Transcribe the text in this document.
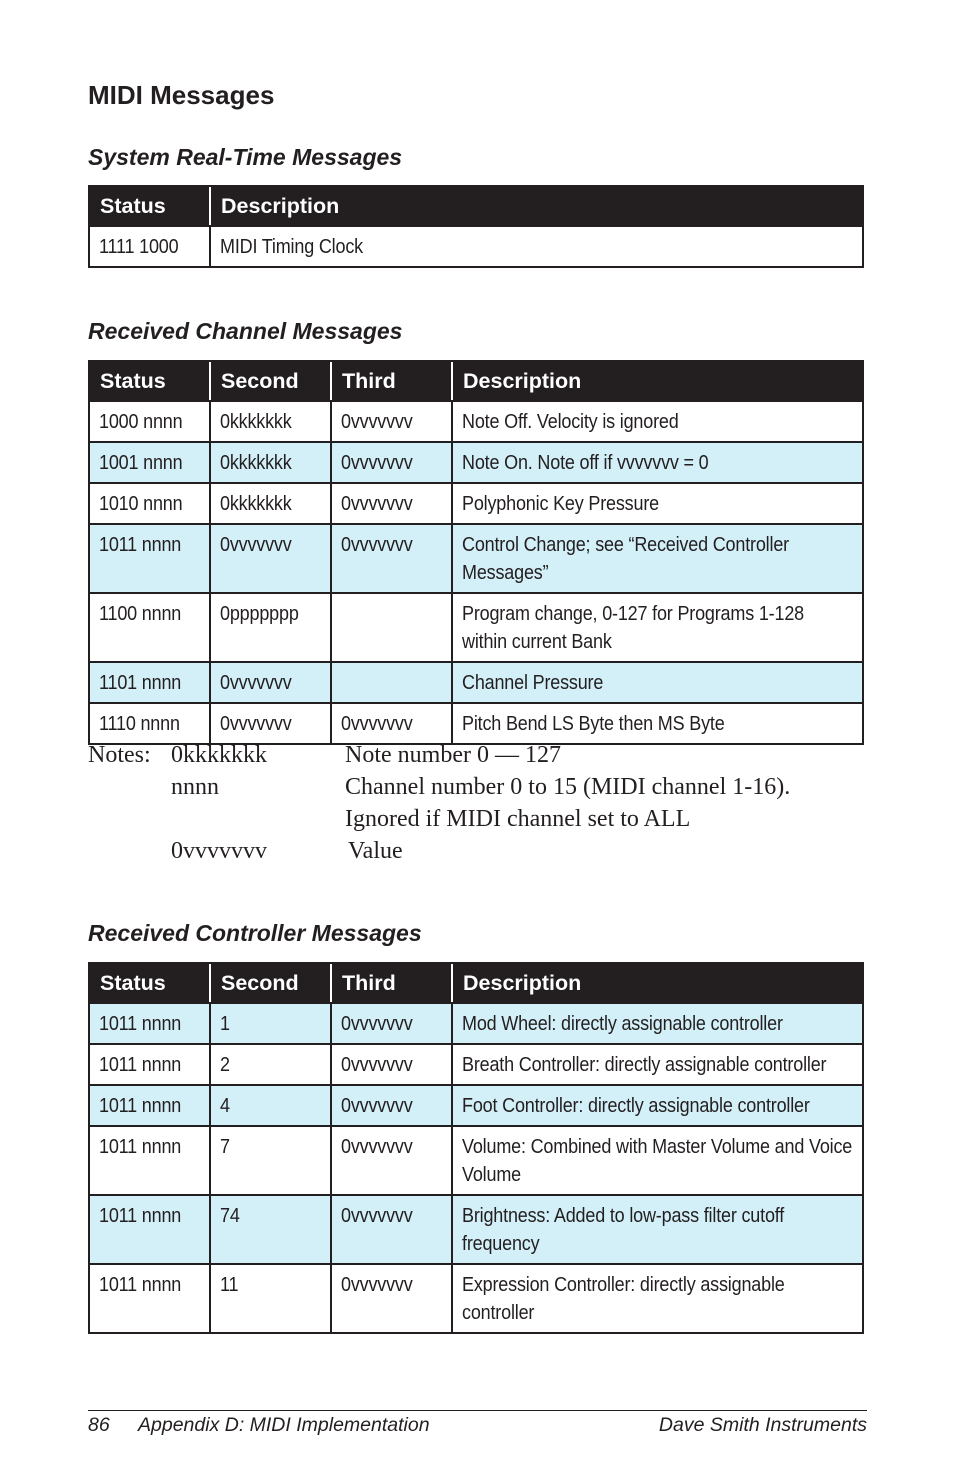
MIDI Messages
System Real-Time Messages
Status	Description
1111 1000	MIDI Timing Clock
Received Channel Messages
Status	Second	Third	Description
1000 nnnn	0kkkkkkk	0vvvvvvv	Note Off. Velocity is ignored
1001 nnnn	0kkkkkkk	0vvvvvvv	Note On. Note off if vvvvvvv = 0
1010 nnnn	0kkkkkkk	0vvvvvvv	Polyphonic Key Pressure
1011 nnnn	0vvvvvvv	0vvvvvvv	Control Change; see “Received Controller Messages”
1100 nnnn	0ppppppp		Program change, 0-127 for Programs 1-128 within current Bank
1101 nnnn	0vvvvvvv		Channel Pressure
1110 nnnn	0vvvvvvv	0vvvvvvv	Pitch Bend LS Byte then MS Byte
Notes: 0kkkkkkk	Note number 0 — 127
nnnn	Channel number 0 to 15 (MIDI channel 1-16).
Ignored if MIDI channel set to ALL
0vvvvvvv	Value
Received Controller Messages
Status	Second	Third	Description
1011 nnnn	1	0vvvvvvv	Mod Wheel: directly assignable controller
1011 nnnn	2	0vvvvvvv	Breath Controller: directly assignable controller
1011 nnnn	4	0vvvvvvv	Foot Controller: directly assignable controller
1011 nnnn	7	0vvvvvvv	Volume: Combined with Master Volume and Voice Volume
1011 nnnn	74	0vvvvvvv	Brightness: Added to low-pass filter cutoff frequency
1011 nnnn	11	0vvvvvvv	Expression Controller: directly assignable controller
86 Appendix D: MIDI Implementation	Dave Smith Instruments
